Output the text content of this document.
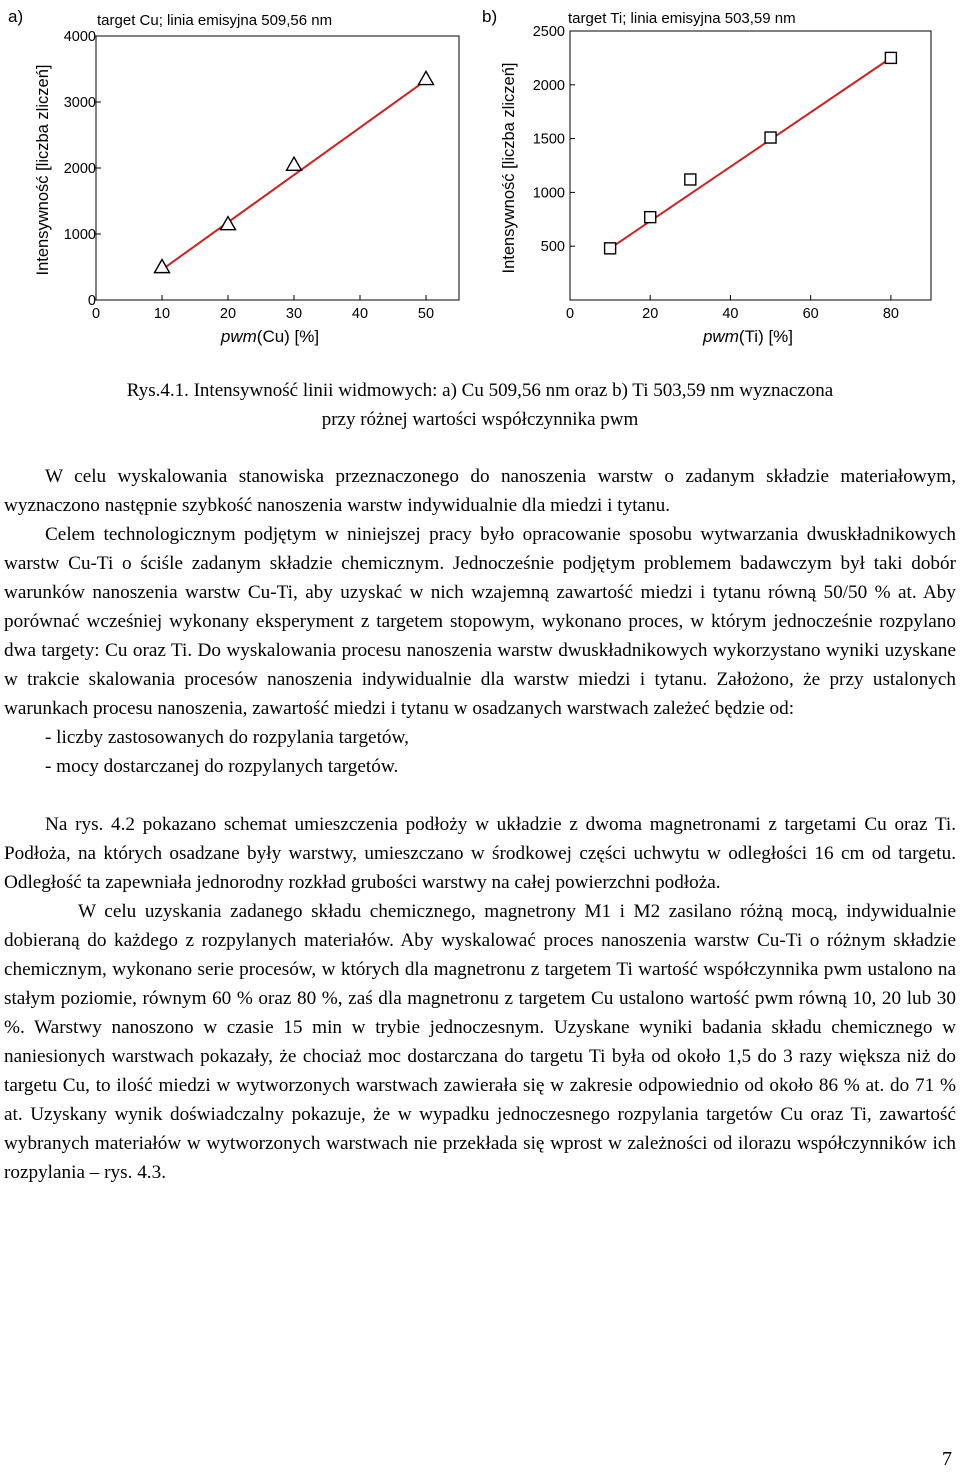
a)	target Cu; linia emisyjna 509,56 nm
Intensywność [liczba zliczeń]
0	10	20	30	40	50
0
1000
2000
3000
4000
pwm(Cu) [%]
b)	target Ti; linia emisyjna 503,59 nm
Intensywność [liczba zliczeń]
0	20	40	60	80
500
1000
1500
2000
2500
pwm(Ti) [%]
Rys.4.1. Intensywność linii widmowych: a) Cu 509,56 nm oraz b) Ti 503,59 nm wyznaczona
przy różnej wartości współczynnika pwm

W celu wyskalowania stanowiska przeznaczonego do nanoszenia warstw o zadanym składzie materiałowym, wyznaczono następnie szybkość nanoszenia warstw indywidualnie dla miedzi i tytanu.

Celem technologicznym podjętym w niniejszej pracy było opracowanie sposobu wytwarzania dwuskładnikowych warstw Cu-Ti o ściśle zadanym składzie chemicznym. Jednocześnie podjętym problemem badawczym był taki dobór warunków nanoszenia warstw Cu-Ti, aby uzyskać w nich wzajemną zawartość miedzi i tytanu równą 50/50 % at. Aby porównać wcześniej wykonany eksperyment z targetem stopowym, wykonano proces, w którym jednocześnie rozpylano dwa targety: Cu oraz Ti. Do wyskalowania procesu nanoszenia warstw dwuskładnikowych wykorzystano wyniki uzyskane w trakcie skalowania procesów nanoszenia indywidualnie dla warstw miedzi i tytanu. Założono, że przy ustalonych warunkach procesu nanoszenia, zawartość miedzi i tytanu w osadzanych warstwach zależeć będzie od:

- liczby zastosowanych do rozpylania targetów,

- mocy dostarczanej do rozpylanych targetów.

Na rys. 4.2 pokazano schemat umieszczenia podłoży w układzie z dwoma magnetronami z targetami Cu oraz Ti. Podłoża, na których osadzane były warstwy, umieszczano w środkowej części uchwytu w odległości 16 cm od targetu. Odległość ta zapewniała jednorodny rozkład grubości warstwy na całej powierzchni podłoża.

W celu uzyskania zadanego składu chemicznego, magnetrony M1 i M2 zasilano różną mocą, indywidualnie dobieraną do każdego z rozpylanych materiałów. Aby wyskalować proces nanoszenia warstw Cu-Ti o różnym składzie chemicznym, wykonano serie procesów, w których dla magnetronu z targetem Ti wartość współczynnika pwm ustalono na stałym poziomie, równym 60 % oraz 80 %, zaś dla magnetronu z targetem Cu ustalono wartość pwm równą 10, 20 lub 30 %. Warstwy nanoszono w czasie 15 min w trybie jednoczesnym. Uzyskane wyniki badania składu chemicznego w naniesionych warstwach pokazały, że chociaż moc dostarczana do targetu Ti była od około 1,5 do 3 razy większa niż do targetu Cu, to ilość miedzi w wytworzonych warstwach zawierała się w zakresie odpowiednio od około 86 % at. do 71 % at. Uzyskany wynik doświadczalny pokazuje, że w wypadku jednoczesnego rozpylania targetów Cu oraz Ti, zawartość wybranych materiałów w wytworzonych warstwach nie przekłada się wprost w zależności od ilorazu współczynników ich rozpylania – rys. 4.3.

7
